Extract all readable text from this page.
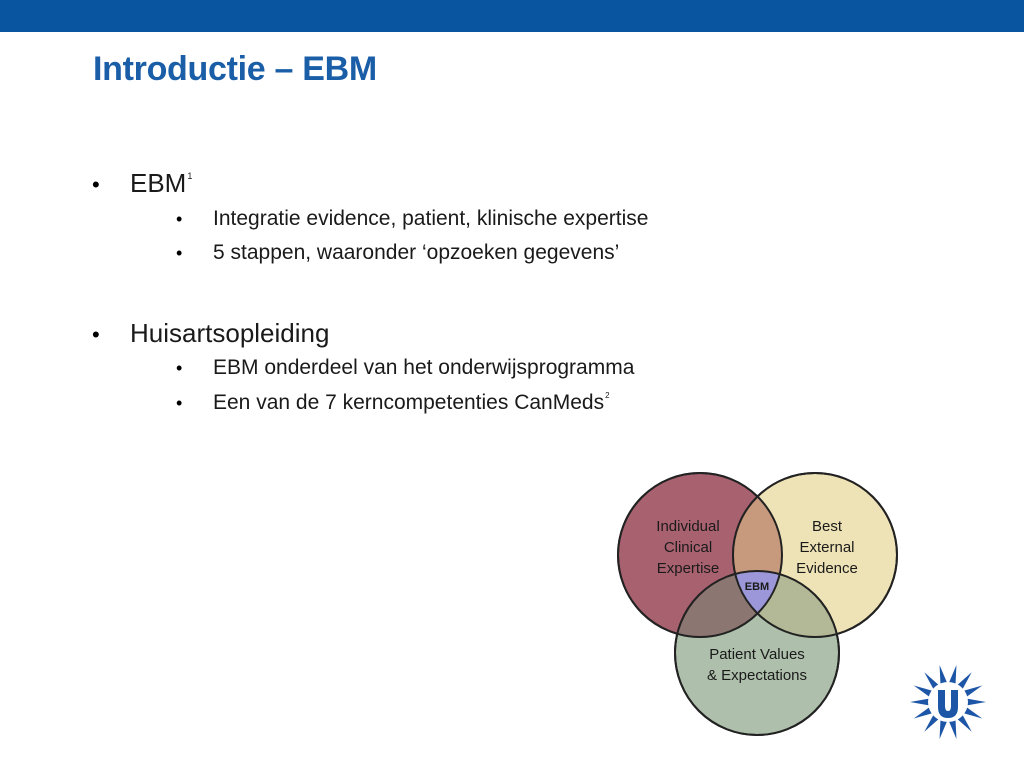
Introductie – EBM
• EBM$^1$
• Integratie evidence, patient, klinische expertise
• 5 stappen, waaronder ‘opzoeken gegevens’
• Huisartsopleiding
• EBM onderdeel van het onderwijsprogramma
• Een van de 7 kerncompetenties CanMeds$^2$
Individual
Clinical
Expertise
Best
External
Evidence
Patient Values
& Expectations
EBM
